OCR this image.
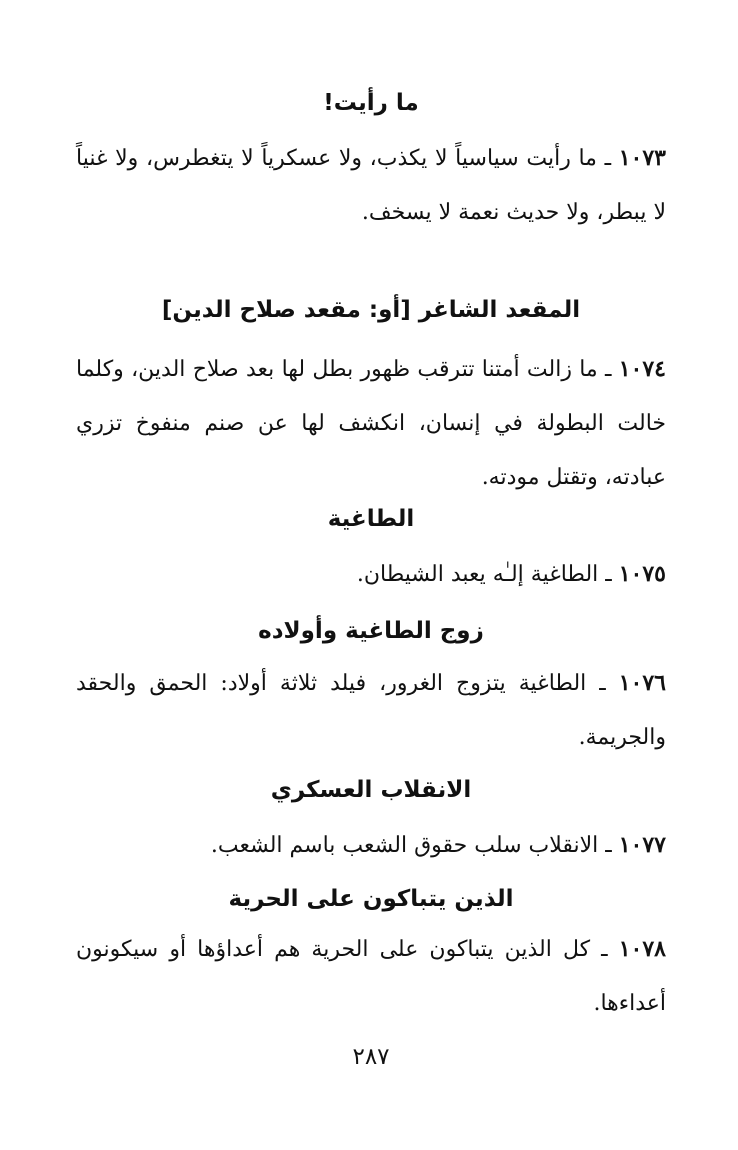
ما رأيت!

١٠٧٣ ـ ما رأيت سياسياً لا يكذب، ولا عسكرياً لا يتغطرس، ولا غنياً لا يبطر، ولا حديث نعمة لا يسخف.

المقعد الشاغر [أو: مقعد صلاح الدين]

١٠٧٤ ـ ما زالت أمتنا تترقب ظهور بطل لها بعد صلاح الدين، وكلما خالت البطولة في إنسان، انكشف لها عن صنم منفوخ تزري عبادته، وتقتل مودته.

الطاغية

١٠٧٥ ـ الطاغية إلـٰه يعبد الشيطان.

زوج الطاغية وأولاده

١٠٧٦ ـ الطاغية يتزوج الغرور، فيلد ثلاثة أولاد: الحمق والحقد والجريمة.

الانقلاب العسكري

١٠٧٧ ـ الانقلاب سلب حقوق الشعب باسم الشعب.

الذين يتباكون على الحرية

١٠٧٨ ـ كل الذين يتباكون على الحرية هم أعداؤها أو سيكونون أعداءها.

٢٨٧
